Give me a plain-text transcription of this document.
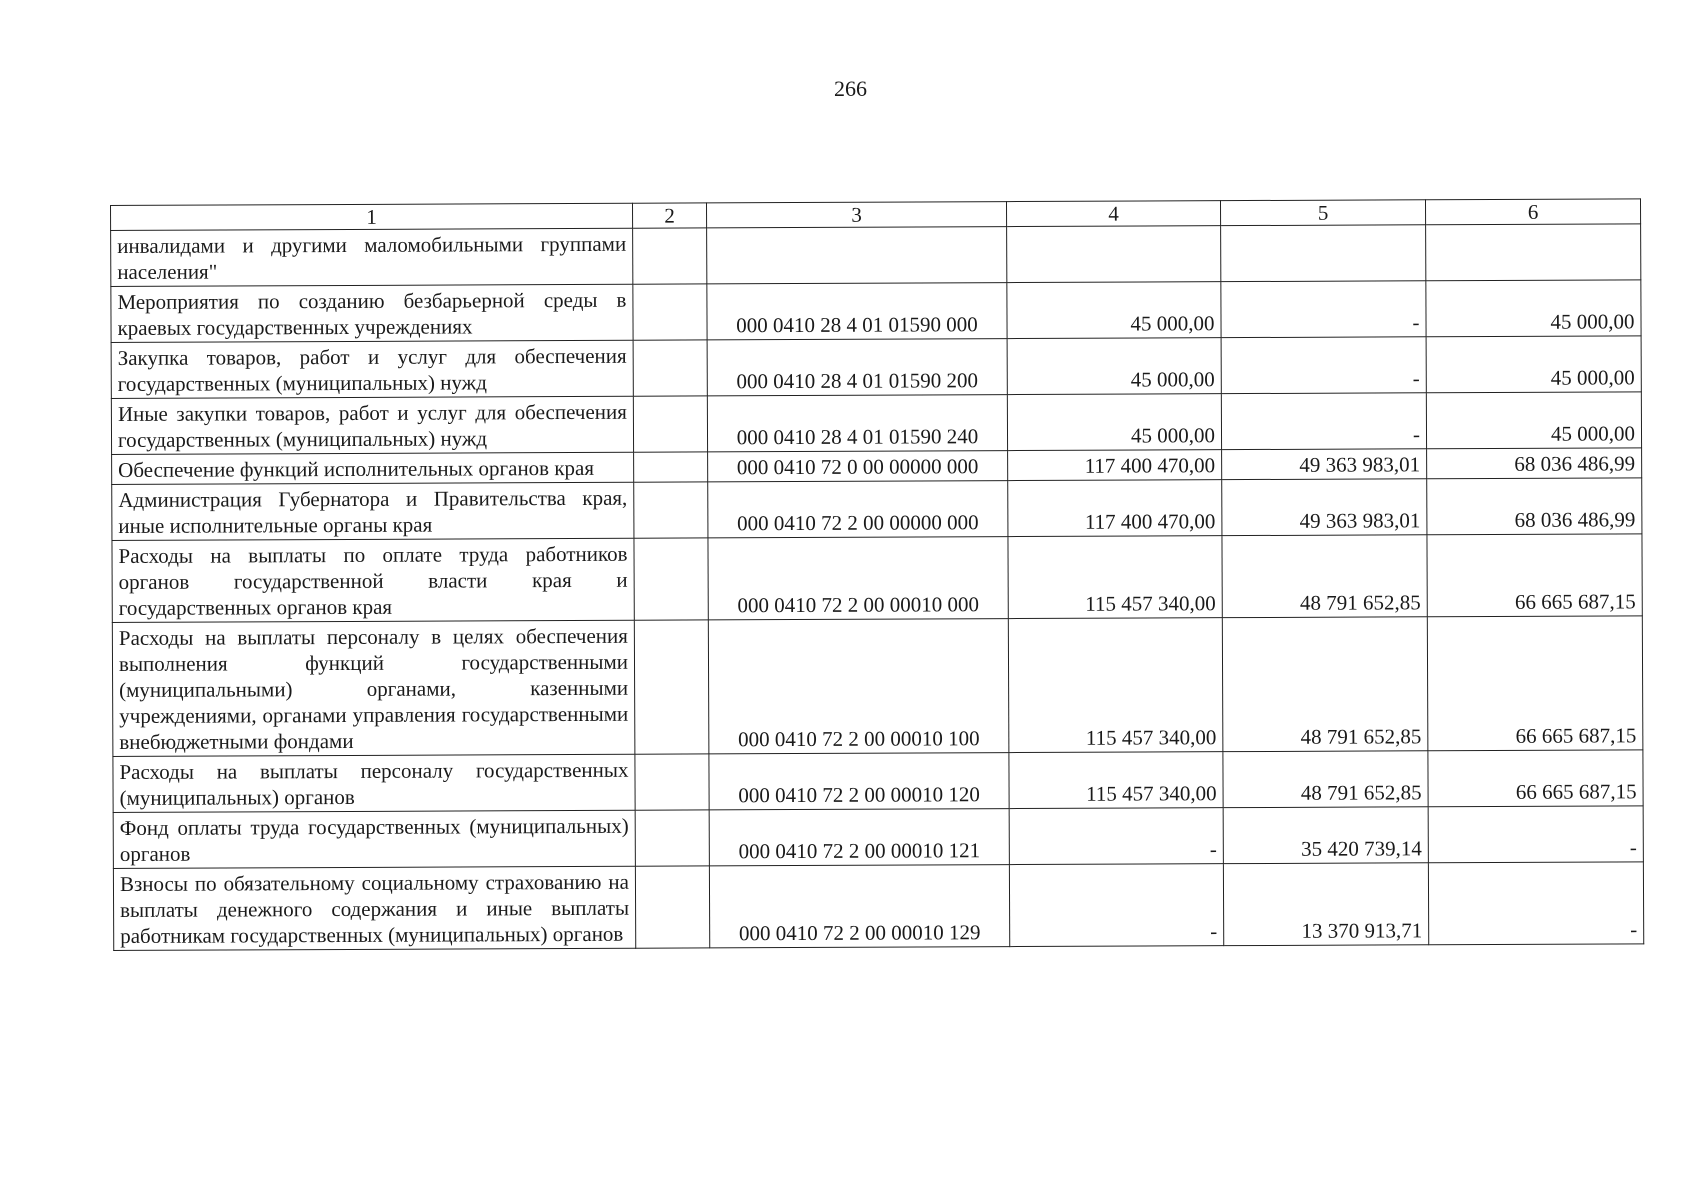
266
1	2	3	4	5	6
инвалидами и другими маломобильными группами населения"					
Мероприятия по созданию безбарьерной среды в краевых государственных учреждениях		000 0410 28 4 01 01590 000	45 000,00	-	45 000,00
Закупка товаров, работ и услуг для обеспечения государственных (муниципальных) нужд		000 0410 28 4 01 01590 200	45 000,00	-	45 000,00
Иные закупки товаров, работ и услуг для обеспечения государственных (муниципальных) нужд		000 0410 28 4 01 01590 240	45 000,00	-	45 000,00
Обеспечение функций исполнительных органов края		000 0410 72 0 00 00000 000	117 400 470,00	49 363 983,01	68 036 486,99
Администрация Губернатора и Правительства края, иные исполнительные органы края		000 0410 72 2 00 00000 000	117 400 470,00	49 363 983,01	68 036 486,99
Расходы на выплаты по оплате труда работников органов государственной власти края и государственных органов края		000 0410 72 2 00 00010 000	115 457 340,00	48 791 652,85	66 665 687,15
Расходы на выплаты персоналу в целях обеспечения выполнения функций государственными (муниципальными) органами, казенными учреждениями, органами управления государственными внебюджетными фондами		000 0410 72 2 00 00010 100	115 457 340,00	48 791 652,85	66 665 687,15
Расходы на выплаты персоналу государственных (муниципальных) органов		000 0410 72 2 00 00010 120	115 457 340,00	48 791 652,85	66 665 687,15
Фонд оплаты труда государственных (муниципальных) органов		000 0410 72 2 00 00010 121	-	35 420 739,14	-
Взносы по обязательному социальному страхованию на выплаты денежного содержания и иные выплаты работникам государственных (муниципальных) органов		000 0410 72 2 00 00010 129	-	13 370 913,71	-
